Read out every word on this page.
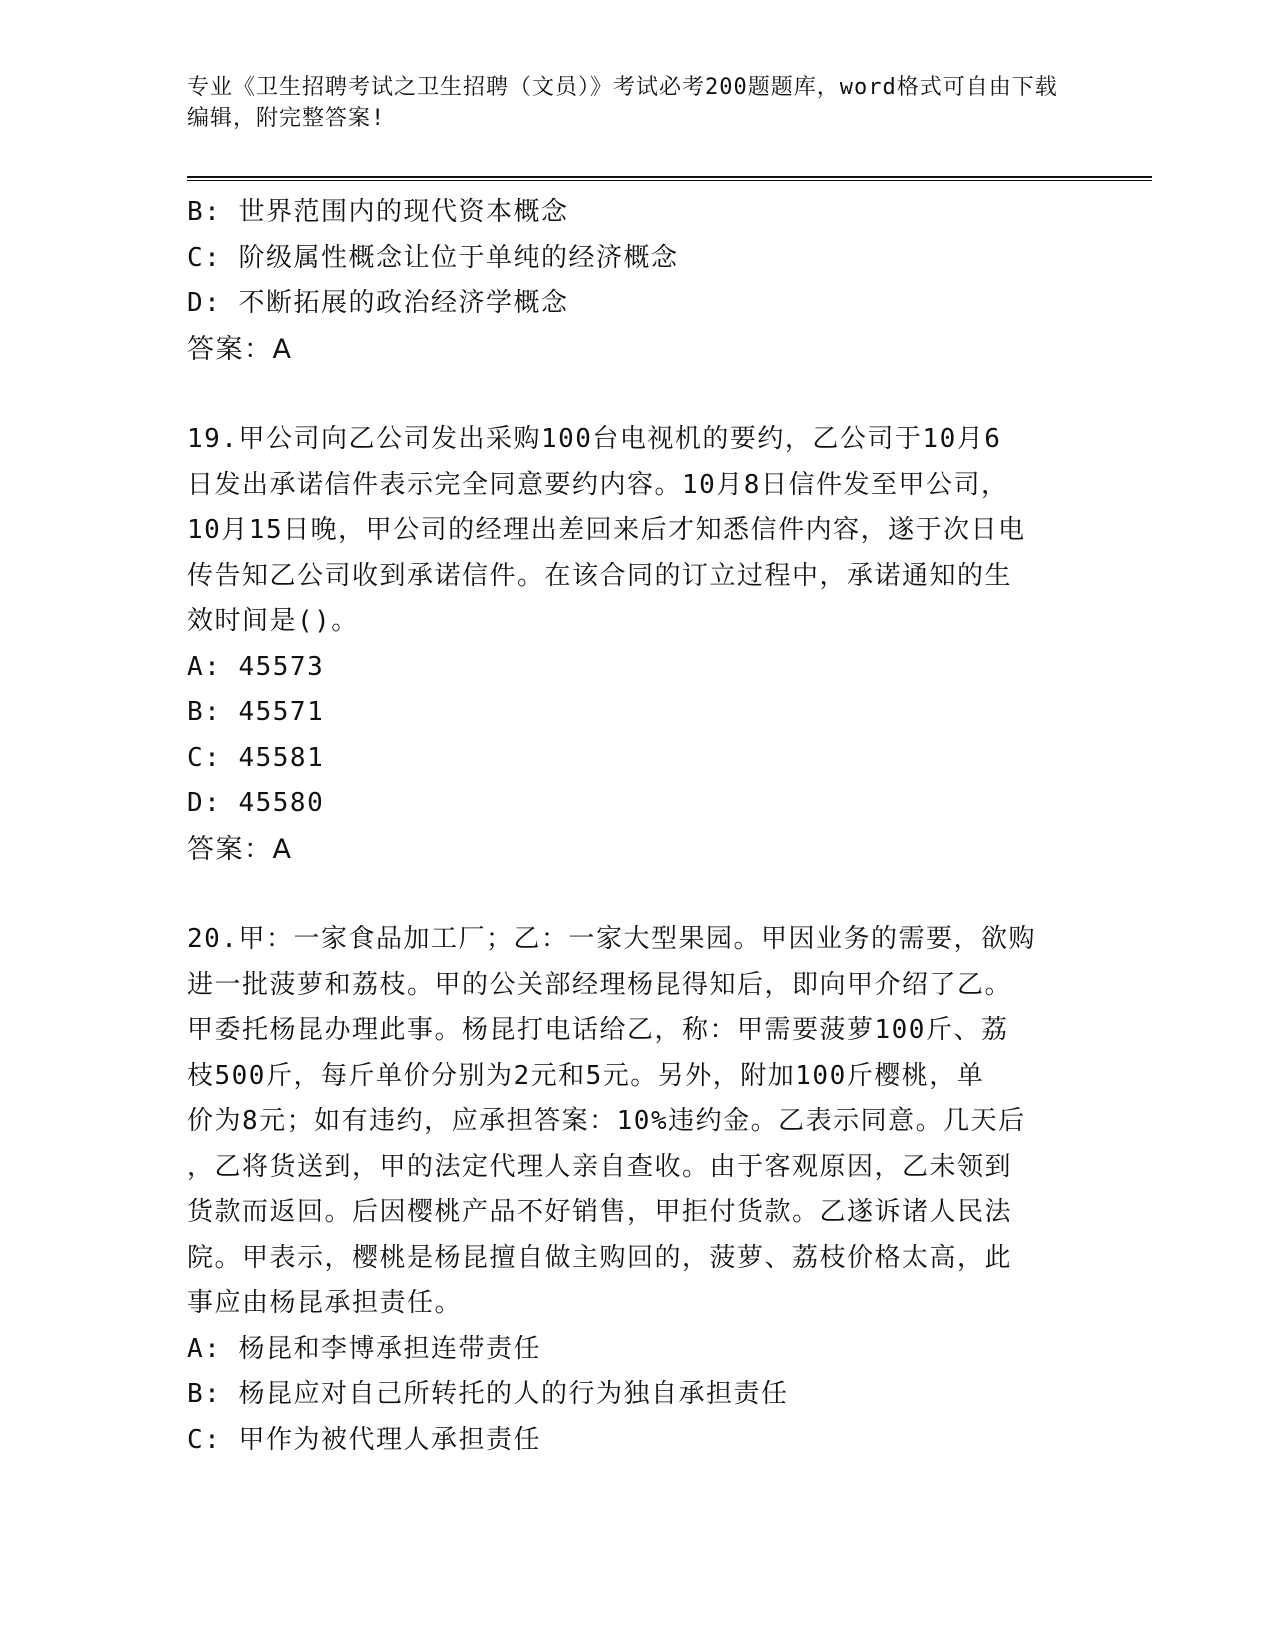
专业《卫生招聘考试之卫生招聘（文员）》考试必考200题题库，word格式可自由下载编辑，附完整答案!
B: 世界范围内的现代资本概念
C: 阶级属性概念让位于单纯的经济概念
D: 不断拓展的政治经济学概念
答案：A
19.甲公司向乙公司发出采购100台电视机的要约，乙公司于10月6
日发出承诺信件表示完全同意要约内容。10月8日信件发至甲公司，
10月15日晚，甲公司的经理出差回来后才知悉信件内容，遂于次日电
传告知乙公司收到承诺信件。在该合同的订立过程中，承诺通知的生
效时间是()。
A: 45573
B: 45571
C: 45581
D: 45580
答案：A
20.甲：一家食品加工厂；乙：一家大型果园。甲因业务的需要，欲购
进一批菠萝和荔枝。甲的公关部经理杨昆得知后，即向甲介绍了乙。
甲委托杨昆办理此事。杨昆打电话给乙，称：甲需要菠萝100斤、荔
枝500斤，每斤单价分别为2元和5元。另外，附加100斤樱桃，单
价为8元；如有违约，应承担答案：10%违约金。乙表示同意。几天后
，乙将货送到，甲的法定代理人亲自查收。由于客观原因，乙未领到
货款而返回。后因樱桃产品不好销售，甲拒付货款。乙遂诉诸人民法
院。甲表示，樱桃是杨昆擅自做主购回的，菠萝、荔枝价格太高，此
事应由杨昆承担责任。
A: 杨昆和李博承担连带责任
B: 杨昆应对自己所转托的人的行为独自承担责任
C: 甲作为被代理人承担责任
